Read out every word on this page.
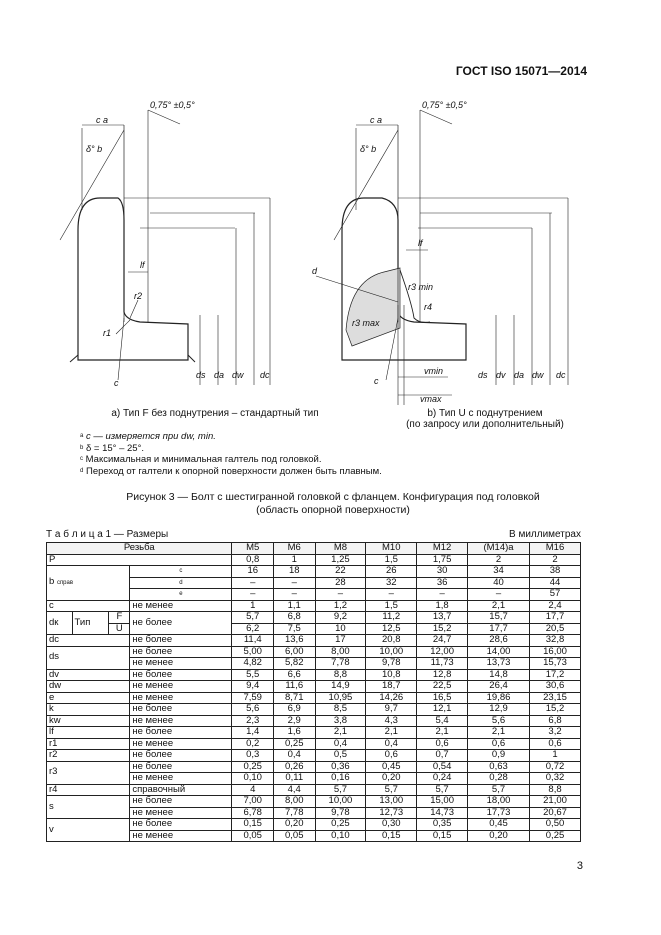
ГОСТ ISO 15071—2014
0,75° ±0,5°
c a
δ° b
lf
r2
r1
c
ds da dw dc
0,75° ±0,5°
c a
δ° b
lf
d
r3 min
r4
r3 max
c
vmin
vmax
ds dv da dw dc
а) Тип F без поднутрения – стандартный тип	b) Тип U с поднутрением
(по запросу или дополнительный)
$^a$ c — измеряется при dw, min.
$^b$ δ = 15° – 25°.
$^c$ Максимальная и минимальная галтель под головкой.
$^d$ Переход от галтели к опорной поверхности должен быть плавным.
Рисунок 3 — Болт с шестигранной головкой с фланцем. Конфигурация под головкой
(область опорной поверхности)
Т а б л и ц а 1 — Размеры	В миллиметрах
Резьба				M5	M6	M8	M10	M12	(M14)a	M16
P				0,8	1	1,25	1,5	1,75	2	2
b справ			c	16	18	22	26	30	34	38
			d	–	–	28	32	36	40	44
			e	–	–	–	–	–	–	57
c			не менее	1	1,1	1,2	1,5	1,8	2,1	2,4
dк	Тип	F	не более	5,7	6,8	9,2	11,2	13,7	15,7	17,7
		U		6,2	7,5	10	12,5	15,2	17,7	20,5
dc			не более	11,4	13,6	17	20,8	24,7	28,6	32,8
ds			не более	5,00	6,00	8,00	10,00	12,00	14,00	16,00
			не менее	4,82	5,82	7,78	9,78	11,73	13,73	15,73
dv			не более	5,5	6,6	8,8	10,8	12,8	14,8	17,2
dw			не менее	9,4	11,6	14,9	18,7	22,5	26,4	30,6
e			не менее	7,59	8,71	10,95	14,26	16,5	19,86	23,15
k			не более	5,6	6,9	8,5	9,7	12,1	12,9	15,2
kw			не менее	2,3	2,9	3,8	4,3	5,4	5,6	6,8
lf			не более	1,4	1,6	2,1	2,1	2,1	2,1	3,2
r1			не менее	0,2	0,25	0,4	0,4	0,6	0,6	0,6
r2			не более	0,3	0,4	0,5	0,6	0,7	0,9	1
r3			не более	0,25	0,26	0,36	0,45	0,54	0,63	0,72
			не менее	0,10	0,11	0,16	0,20	0,24	0,28	0,32
r4			справочный	4	4,4	5,7	5,7	5,7	5,7	8,8
s			не более	7,00	8,00	10,00	13,00	15,00	18,00	21,00
			не менее	6,78	7,78	9,78	12,73	14,73	17,73	20,67
v			не более	0,15	0,20	0,25	0,30	0,35	0,45	0,50
			не менее	0,05	0,05	0,10	0,15	0,15	0,20	0,25
3
